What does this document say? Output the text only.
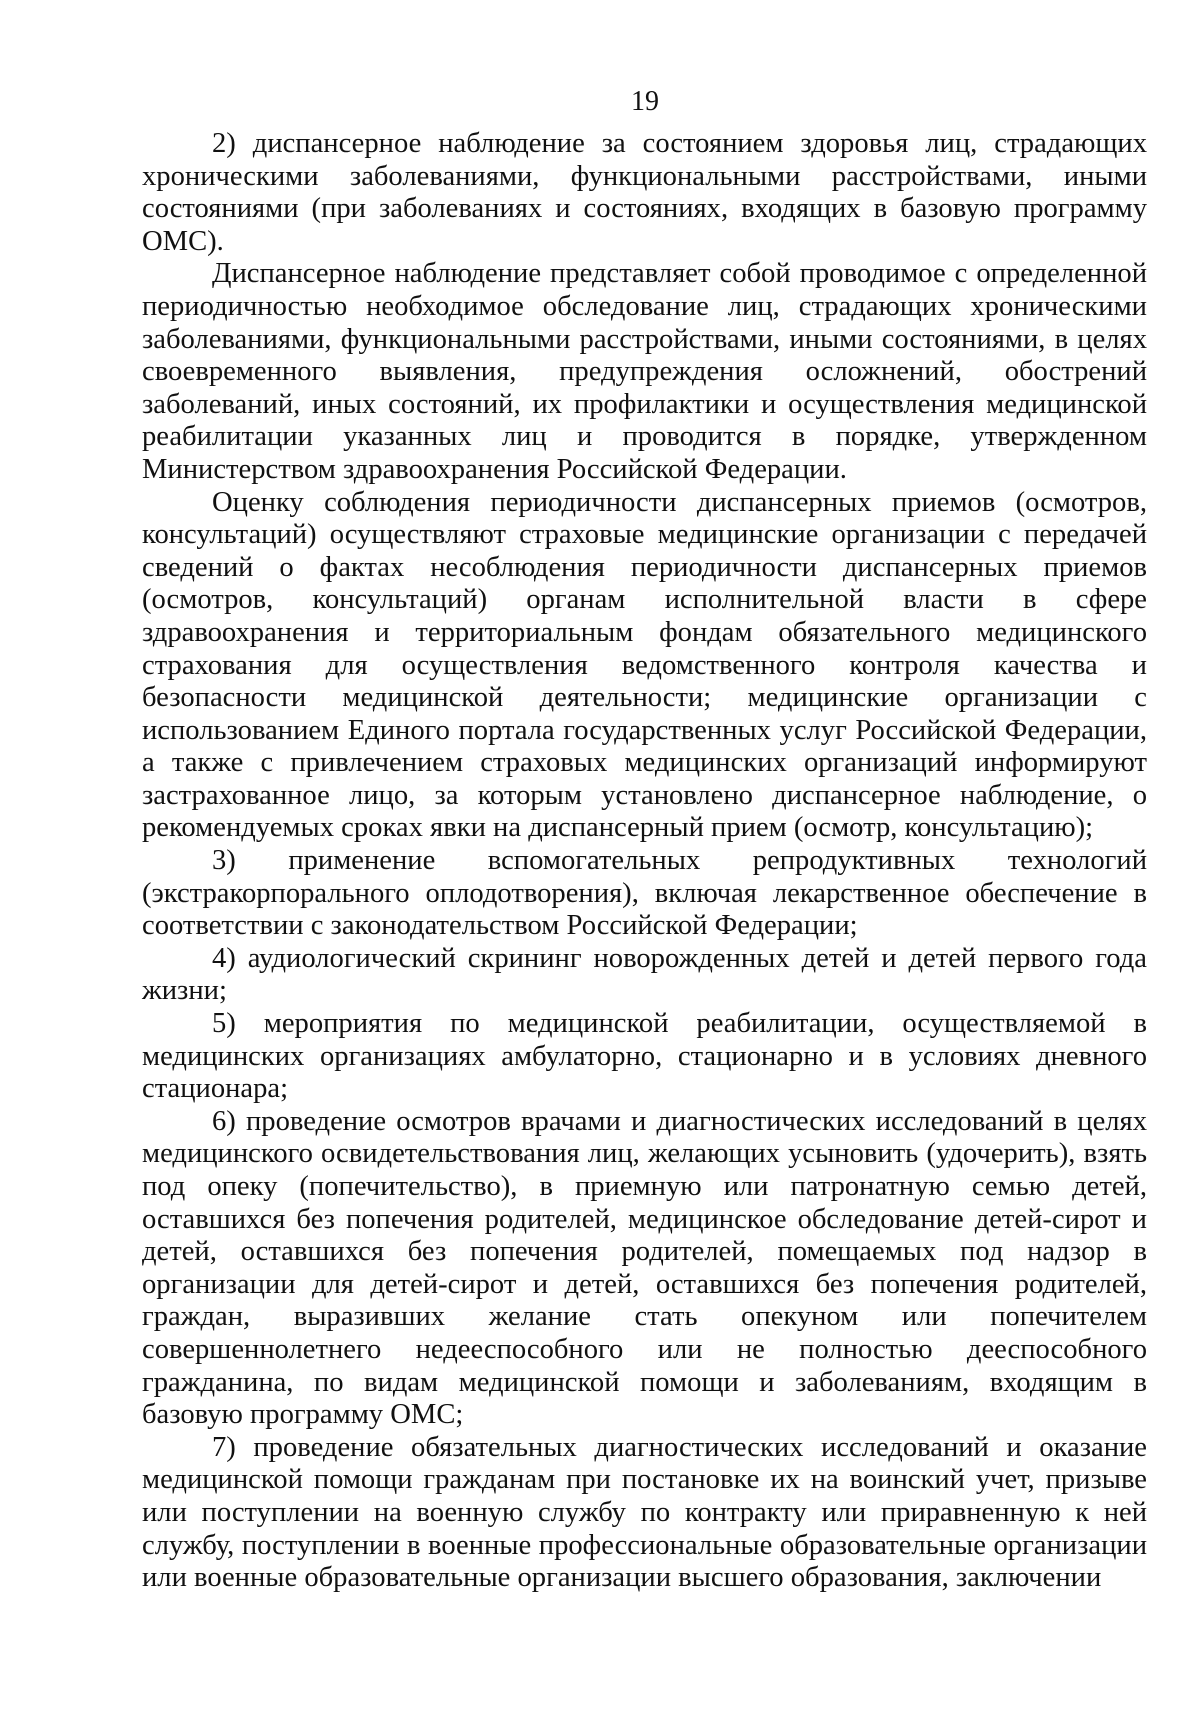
19

2) диспансерное наблюдение за состоянием здоровья лиц, страдающих хроническими заболеваниями, функциональными расстройствами, иными состояниями (при заболеваниях и состояниях, входящих в базовую программу ОМС).

Диспансерное наблюдение представляет собой проводимое с определенной периодичностью необходимое обследование лиц, страдающих хроническими заболеваниями, функциональными расстройствами, иными состояниями, в целях своевременного выявления, предупреждения осложнений, обострений заболеваний, иных состояний, их профилактики и осуществления медицинской реабилитации указанных лиц и проводится в порядке, утвержденном Министерством здравоохранения Российской Федерации.

Оценку соблюдения периодичности диспансерных приемов (осмотров, консультаций) осуществляют страховые медицинские организации с передачей сведений о фактах несоблюдения периодичности диспансерных приемов (осмотров, консультаций) органам исполнительной власти в сфере здравоохранения и территориальным фондам обязательного медицинского страхования для осуществления ведомственного контроля качества и безопасности медицинской деятельности; медицинские организации с использованием Единого портала государственных услуг Российской Федерации, а также с привлечением страховых медицинских организаций информируют застрахованное лицо, за которым установлено диспансерное наблюдение, о рекомендуемых сроках явки на диспансерный прием (осмотр, консультацию);

3) применение вспомогательных репродуктивных технологий (экстракорпорального оплодотворения), включая лекарственное обеспечение в соответствии с законодательством Российской Федерации;

4) аудиологический скрининг новорожденных детей и детей первого года жизни;

5) мероприятия по медицинской реабилитации, осуществляемой в медицинских организациях амбулаторно, стационарно и в условиях дневного стационара;

6) проведение осмотров врачами и диагностических исследований в целях медицинского освидетельствования лиц, желающих усыновить (удочерить), взять под опеку (попечительство), в приемную или патронатную семью детей, оставшихся без попечения родителей, медицинское обследование детей-сирот и детей, оставшихся без попечения родителей, помещаемых под надзор в организации для детей-сирот и детей, оставшихся без попечения родителей, граждан, выразивших желание стать опекуном или попечителем совершеннолетнего недееспособного или не полностью дееспособного гражданина, по видам медицинской помощи и заболеваниям, входящим в базовую программу ОМС;

7) проведение обязательных диагностических исследований и оказание медицинской помощи гражданам при постановке их на воинский учет, призыве или поступлении на военную службу по контракту или приравненную к ней службу, поступлении в военные профессиональные образовательные организации или военные образовательные организации высшего образования, заключении
